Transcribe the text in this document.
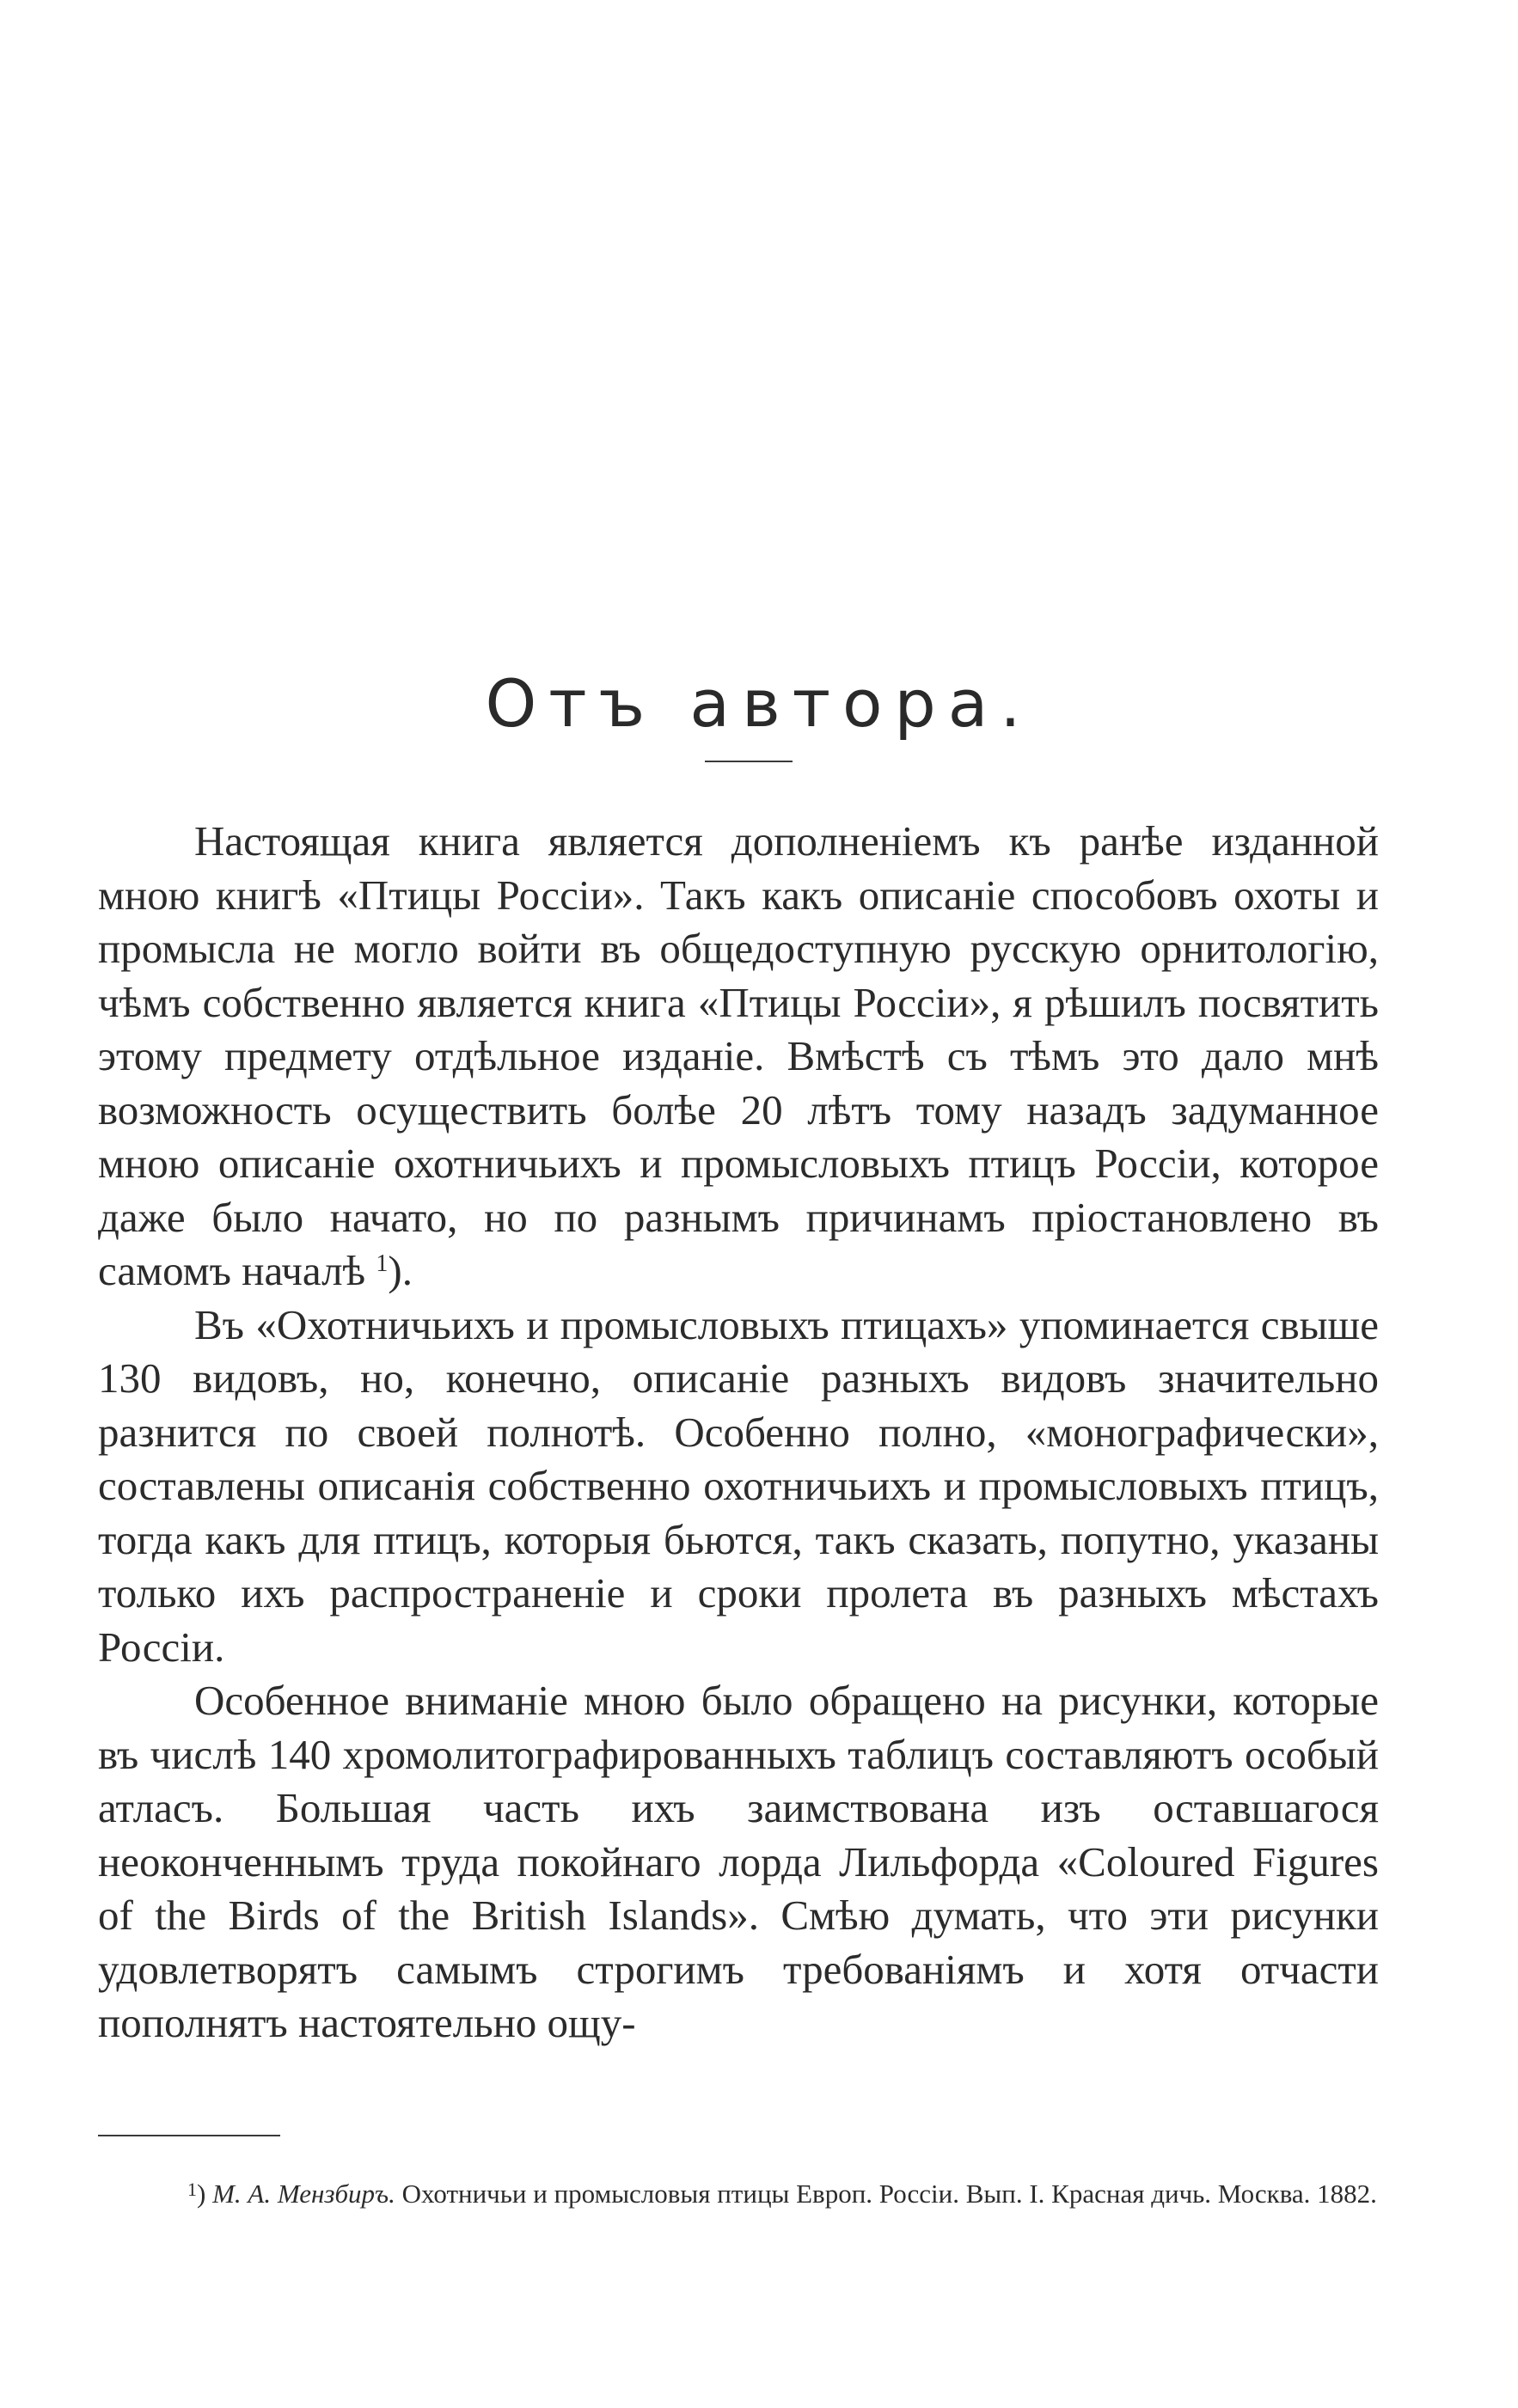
Отъ автора.

Настоящая книга является дополненіемъ къ ранѣе изданной мною книгѣ «Птицы Россіи». Такъ какъ описаніе способовъ охоты и промысла не могло войти въ общедоступную русскую орнитологію, чѣмъ собственно является книга «Птицы Россіи», я рѣшилъ посвятить этому предмету отдѣльное изданіе. Вмѣстѣ съ тѣмъ это дало мнѣ возможность осуществить болѣе 20 лѣтъ тому назадъ задуманное мною описаніе охотничьихъ и промысловыхъ птицъ Россіи, которое даже было начато, но по разнымъ причинамъ пріостановлено въ самомъ началѣ $^1$).

Въ «Охотничьихъ и промысловыхъ птицахъ» упоминается свыше 130 видовъ, но, конечно, описаніе разныхъ видовъ значительно разнится по своей полнотѣ. Особенно полно, «монографически», составлены описанія собственно охотничьихъ и промысловыхъ птицъ, тогда какъ для птицъ, которыя бьются, такъ сказать, попутно, указаны только ихъ распространеніе и сроки пролета въ разныхъ мѣстахъ Россіи.

Особенное вниманіе мною было обращено на рисунки, которые въ числѣ 140 хромолитографированныхъ таблицъ составляютъ особый атласъ. Большая часть ихъ заимствована изъ оставшагося неоконченнымъ труда покойнаго лорда Лильфорда «Coloured Figures of the Birds of the British Islands». Смѣю думать, что эти рисунки удовлетворятъ самымъ строгимъ требованіямъ и хотя отчасти пополнятъ настоятельно ощу-

$^1$) М. А. Мензбиръ. Охотничьи и промысловыя птицы Европ. Россіи. Вып. I. Красная дичь. Москва. 1882.
